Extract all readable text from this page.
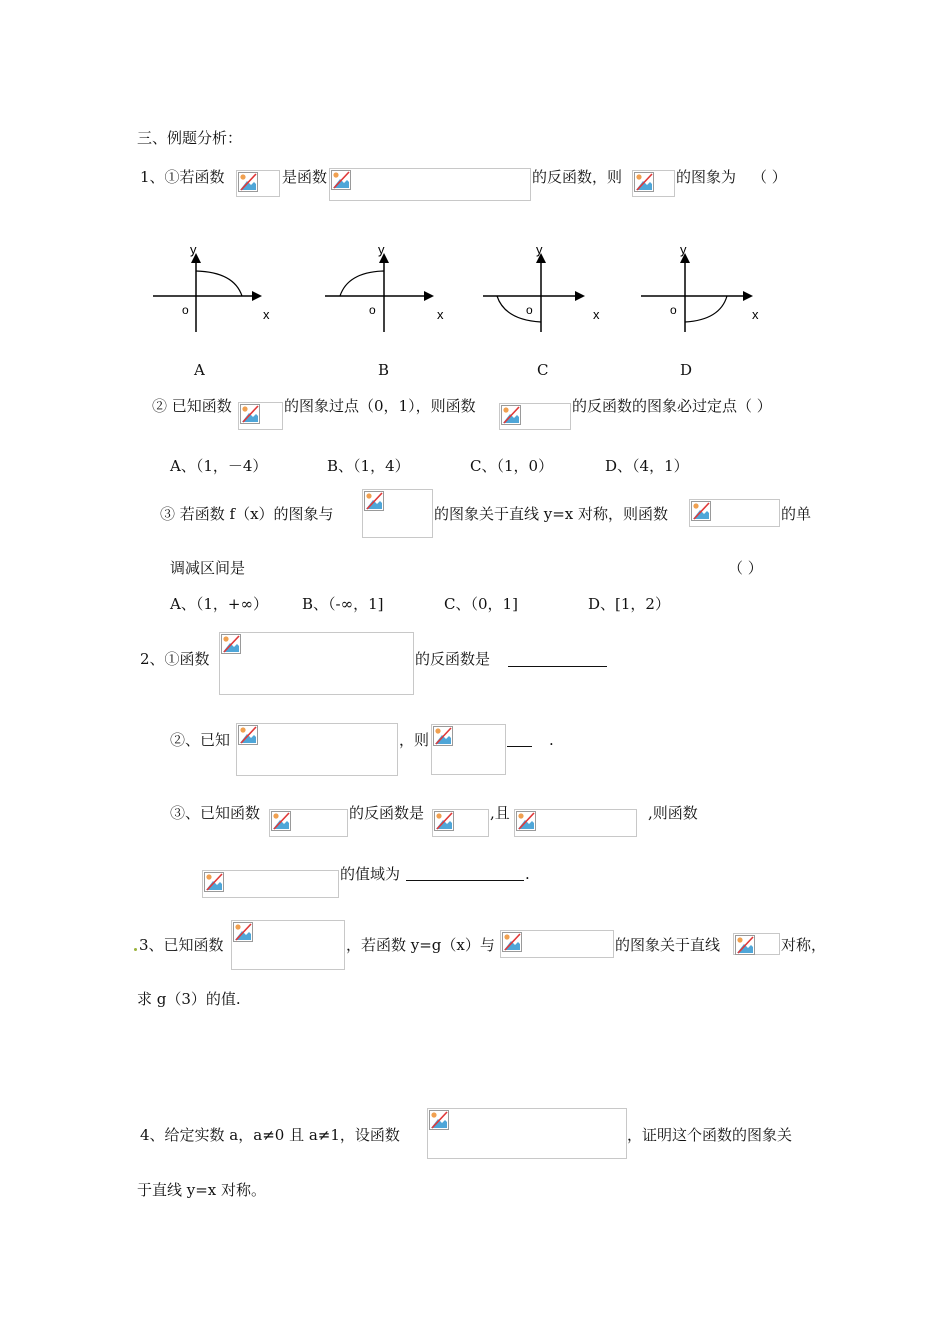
三、例题分析：
1、①若函数	是函数	的反函数，则	的图象为 （ ）
y
x
o
A
y
x
o
B
y
x
o
C
y
x
o
D
② 已知函数	的图象过点（0，1），则函数	的反函数的图象必过定点（ ）
A、（1，－4）	B、（1，4）	C、（1，0）	D、（4，1）
③ 若函数 f（x）的图象与	的图象关于直线 y=x 对称，则函数	的单
调减区间是	（ ）
A、（1，+∞） B、（-∞，1]	C、（0，1]	D、[1，2）
2、①函数	的反函数是
②、已知	，则	.
③、已知函数	的反函数是	,且	,则函数
的值域为	.
3、已知函数	，若函数 y=g（x）与	的图象关于直线	对称，
求 g（3）的值.
4、给定实数 a，a≠0 且 a≠1，设函数	，证明这个函数的图象关
于直线 y=x 对称。
